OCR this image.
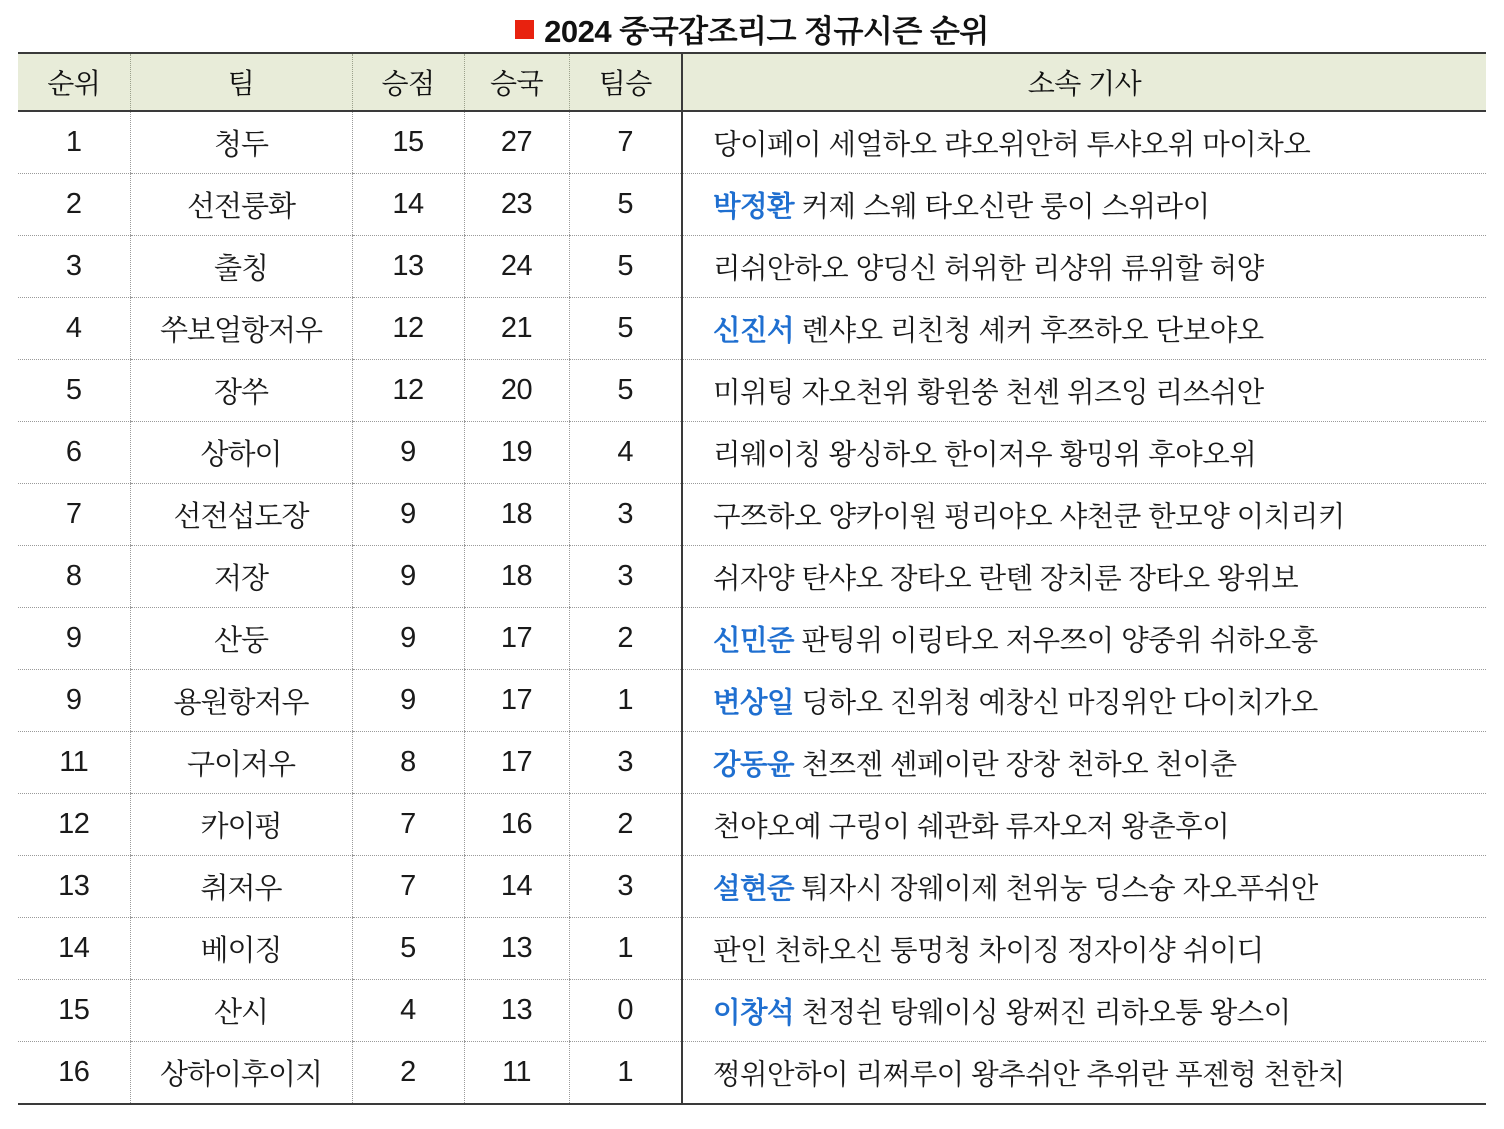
2024 중국갑조리그 정규시즌 순위
순위	팀	승점	승국	팀승	소속 기사
1	청두	15	27	7	당이페이 세얼하오 랴오위안허 투샤오위 마이차오
2	선전룽화	14	23	5	박정환 커제 스웨 타오신란 룽이 스위라이
3	출칭	13	24	5	리쉬안하오 양딩신 허위한 리샹위 류위할 허양
4	쑤보얼항저우	12	21	5	신진서 롄샤오 리친청 셰커 후쯔하오 단보야오
5	장쑤	12	20	5	미위팅 자오천위 황윈쑹 천셴 위즈잉 리쓰쉬안
6	상하이	9	19	4	리웨이칭 왕싱하오 한이저우 황밍위 후야오위
7	선전섭도장	9	18	3	구쯔하오 양카이원 펑리야오 샤천쿤 한모양 이치리키
8	저장	9	18	3	쉬자양 탄샤오 장타오 란톈 장치룬 장타오 왕위보
9	산둥	9	17	2	신민준 판팅위 이링타오 저우쯔이 양중위 쉬하오훙
9	용원항저우	9	17	1	변상일 딩하오 진위청 예창신 마징위안 다이치가오
11	구이저우	8	17	3	강동윤 천쯔젠 셴페이란 장창 천하오 천이춘
12	카이펑	7	16	2	천야오예 구링이 쉐관화 류자오저 왕춘후이
13	취저우	7	14	3	설현준 퉈자시 장웨이제 천위눙 딩스슝 자오푸쉬안
14	베이징	5	13	1	판인 천하오신 퉁멍청 차이징 정자이샹 쉬이디
15	산시	4	13	0	이창석 천정쉰 탕웨이싱 왕쩌진 리하오퉁 왕스이
16	상하이후이지	2	11	1	쩡위안하이 리쩌루이 왕추쉬안 추위란 푸젠헝 천한치
